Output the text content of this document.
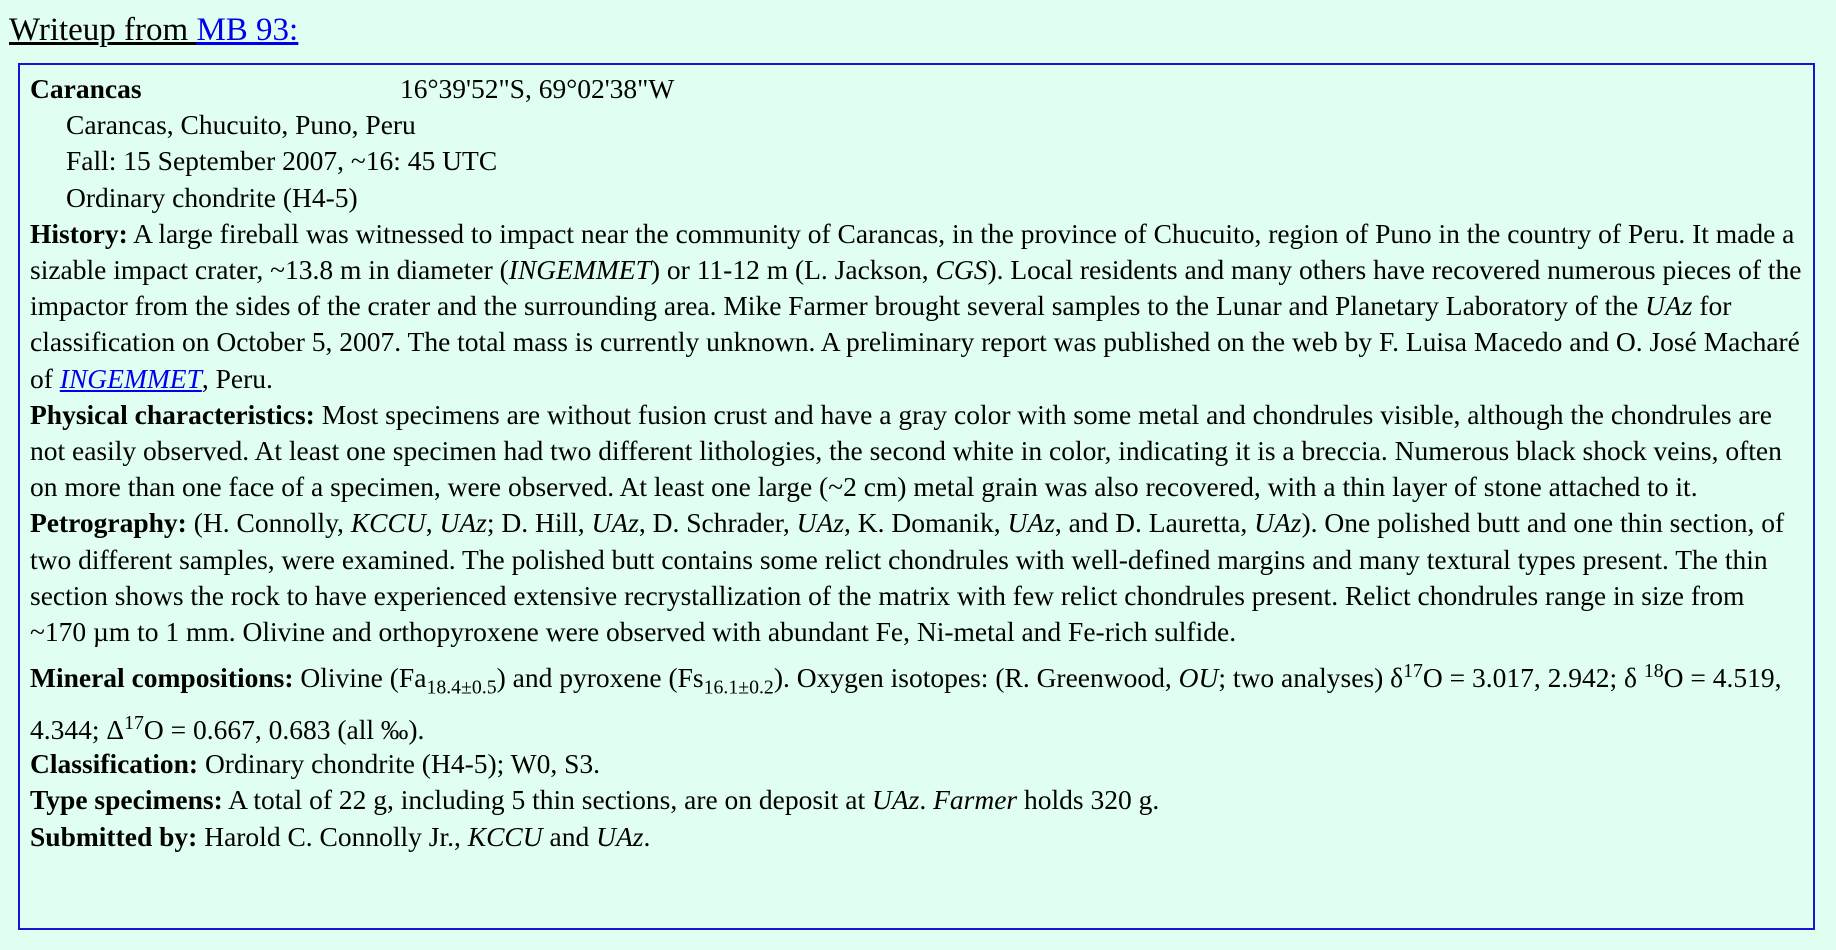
Writeup from MB 93:
Carancas	16°39'52"S, 69°02'38"W
Carancas, Chucuito, Puno, Peru
Fall: 15 September 2007, ~16: 45 UTC
Ordinary chondrite (H4-5)

History: A large fireball was witnessed to impact near the community of Carancas, in the province of Chucuito, region of Puno in the country of Peru. It made a sizable impact crater, ~13.8 m in diameter (INGEMMET) or 11-12 m (L. Jackson, CGS). Local residents and many others have recovered numerous pieces of the impactor from the sides of the crater and the surrounding area. Mike Farmer brought several samples to the Lunar and Planetary Laboratory of the UAz for classification on October 5, 2007. The total mass is currently unknown. A preliminary report was published on the web by F. Luisa Macedo and O. José Macharé of INGEMMET, Peru.

Physical characteristics: Most specimens are without fusion crust and have a gray color with some metal and chondrules visible, although the chondrules are not easily observed. At least one specimen had two different lithologies, the second white in color, indicating it is a breccia. Numerous black shock veins, often on more than one face of a specimen, were observed. At least one large (~2 cm) metal grain was also recovered, with a thin layer of stone attached to it.

Petrography: (H. Connolly, KCCU, UAz; D. Hill, UAz, D. Schrader, UAz, K. Domanik, UAz, and D. Lauretta, UAz). One polished butt and one thin section, of two different samples, were examined. The polished butt contains some relict chondrules with well-defined margins and many textural types present. The thin section shows the rock to have experienced extensive recrystallization of the matrix with few relict chondrules present. Relict chondrules range in size from ~170 µm to 1 mm. Olivine and orthopyroxene were observed with abundant Fe, Ni-metal and Fe-rich sulfide.

Mineral compositions: Olivine $(Fa_{18.4\pm 0.5})$ and pyroxene $(Fs_{16.1\pm 0.2})$. Oxygen isotopes: (R. Greenwood, OU; two analyses) $\delta^{17}O = 3.017$, 2.942; δ $^{18}$O = 4.519, 4.344; $\Delta^{17}O = 0.667$, 0.683 (all ‰).

Classification: Ordinary chondrite (H4-5); W0, S3.

Type specimens: A total of 22 g, including 5 thin sections, are on deposit at UAz. Farmer holds 320 g.

Submitted by: Harold C. Connolly Jr., KCCU and UAz.
